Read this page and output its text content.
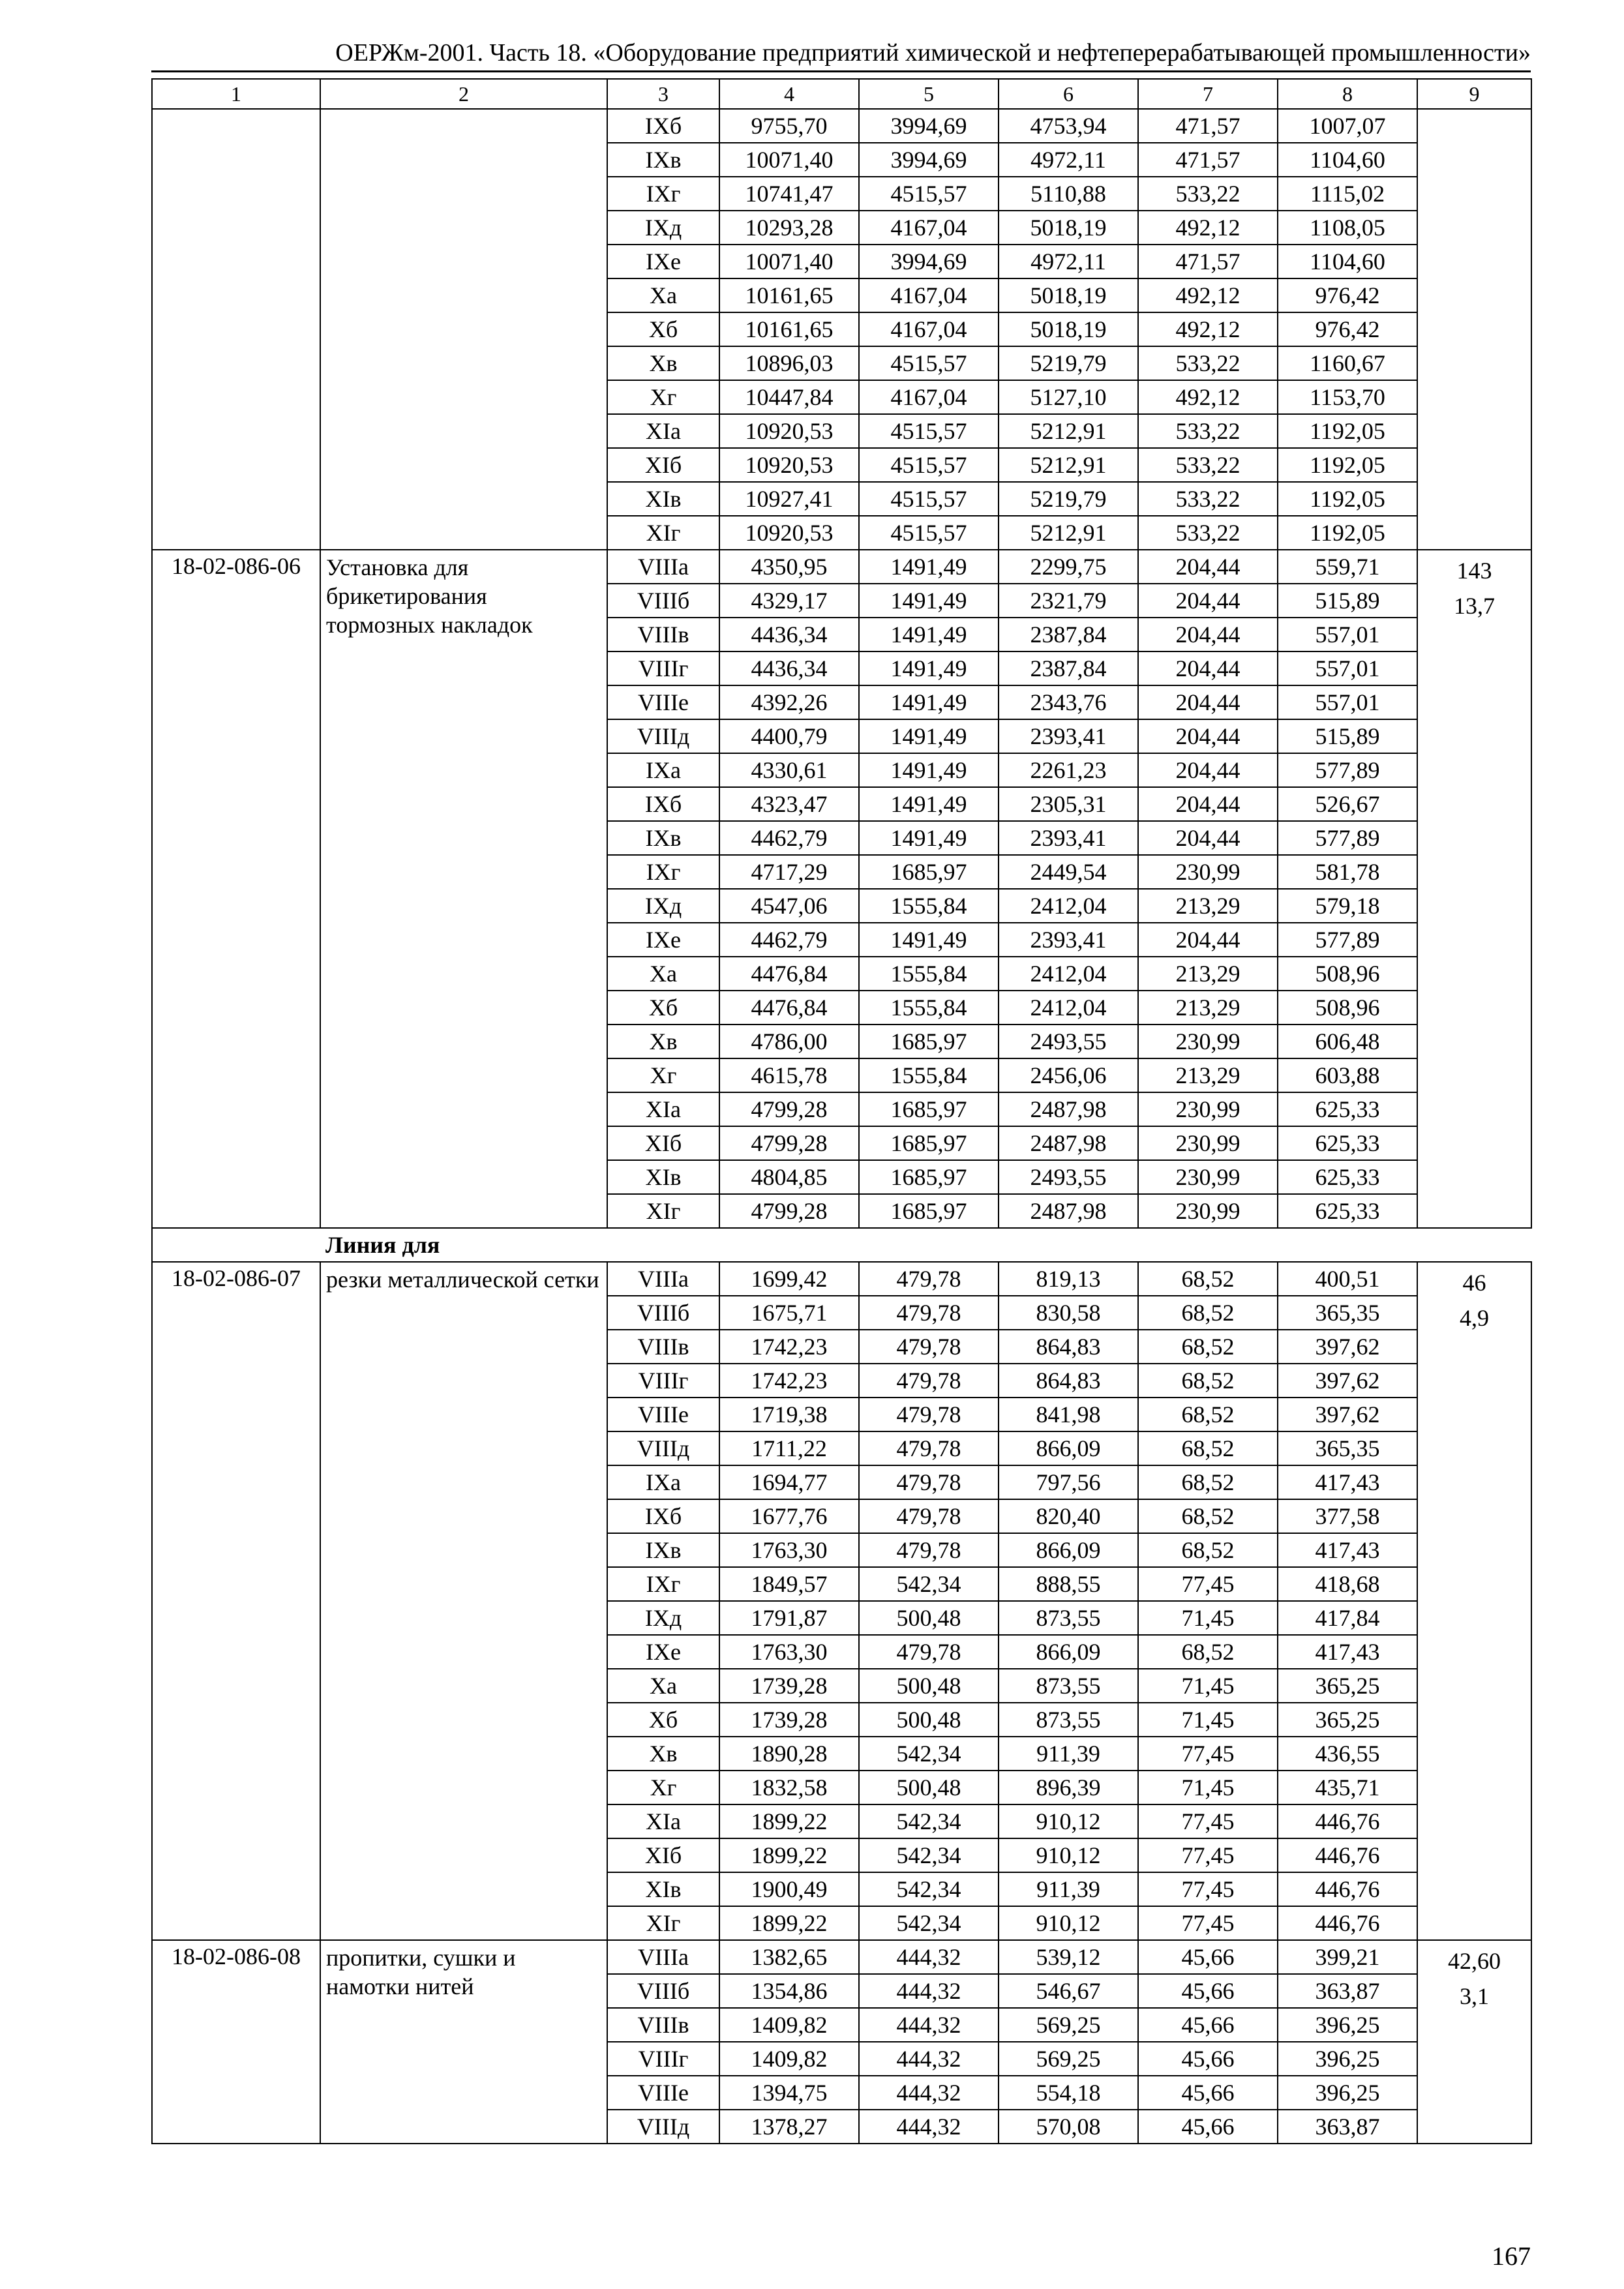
ОЕРЖм-2001. Часть 18. «Оборудование предприятий химической и нефтеперерабатывающей промышленности»
1	2	3	4	5	6	7	8	9
		IXб	9755,70	3994,69	4753,94	471,57	1007,07	
		IXв	10071,40	3994,69	4972,11	471,57	1104,60	
		IXг	10741,47	4515,57	5110,88	533,22	1115,02	
		IXд	10293,28	4167,04	5018,19	492,12	1108,05	
		IXе	10071,40	3994,69	4972,11	471,57	1104,60	
		Xа	10161,65	4167,04	5018,19	492,12	976,42	
		Xб	10161,65	4167,04	5018,19	492,12	976,42	
		Xв	10896,03	4515,57	5219,79	533,22	1160,67	
		Xг	10447,84	4167,04	5127,10	492,12	1153,70	
		XIа	10920,53	4515,57	5212,91	533,22	1192,05	
		XIб	10920,53	4515,57	5212,91	533,22	1192,05	
		XIв	10927,41	4515,57	5219,79	533,22	1192,05	
		XIг	10920,53	4515,57	5212,91	533,22	1192,05	
18-02-086-06	Установка для брикетирования тормозных накладок	VIIIа	4350,95	1491,49	2299,75	204,44	559,71	143
13,7

		VIIIб	4329,17	1491,49	2321,79	204,44	515,89	
		VIIIв	4436,34	1491,49	2387,84	204,44	557,01	
		VIIIг	4436,34	1491,49	2387,84	204,44	557,01	
		VIIIе	4392,26	1491,49	2343,76	204,44	557,01	
		VIIIд	4400,79	1491,49	2393,41	204,44	515,89	
		IXа	4330,61	1491,49	2261,23	204,44	577,89	
		IXб	4323,47	1491,49	2305,31	204,44	526,67	
		IXв	4462,79	1491,49	2393,41	204,44	577,89	
		IXг	4717,29	1685,97	2449,54	230,99	581,78	
		IXд	4547,06	1555,84	2412,04	213,29	579,18	
		IXе	4462,79	1491,49	2393,41	204,44	577,89	
		Xа	4476,84	1555,84	2412,04	213,29	508,96	
		Xб	4476,84	1555,84	2412,04	213,29	508,96	
		Xв	4786,00	1685,97	2493,55	230,99	606,48	
		Xг	4615,78	1555,84	2456,06	213,29	603,88	
		XIа	4799,28	1685,97	2487,98	230,99	625,33	
		XIб	4799,28	1685,97	2487,98	230,99	625,33	
		XIв	4804,85	1685,97	2493,55	230,99	625,33	
		XIг	4799,28	1685,97	2487,98	230,99	625,33	
	Линия для							
18-02-086-07	резки металлической сетки	VIIIа	1699,42	479,78	819,13	68,52	400,51	46
4,9

		VIIIб	1675,71	479,78	830,58	68,52	365,35	
		VIIIв	1742,23	479,78	864,83	68,52	397,62	
		VIIIг	1742,23	479,78	864,83	68,52	397,62	
		VIIIе	1719,38	479,78	841,98	68,52	397,62	
		VIIIд	1711,22	479,78	866,09	68,52	365,35	
		IXа	1694,77	479,78	797,56	68,52	417,43	
		IXб	1677,76	479,78	820,40	68,52	377,58	
		IXв	1763,30	479,78	866,09	68,52	417,43	
		IXг	1849,57	542,34	888,55	77,45	418,68	
		IXд	1791,87	500,48	873,55	71,45	417,84	
		IXе	1763,30	479,78	866,09	68,52	417,43	
		Xа	1739,28	500,48	873,55	71,45	365,25	
		Xб	1739,28	500,48	873,55	71,45	365,25	
		Xв	1890,28	542,34	911,39	77,45	436,55	
		Xг	1832,58	500,48	896,39	71,45	435,71	
		XIа	1899,22	542,34	910,12	77,45	446,76	
		XIб	1899,22	542,34	910,12	77,45	446,76	
		XIв	1900,49	542,34	911,39	77,45	446,76	
		XIг	1899,22	542,34	910,12	77,45	446,76	
18-02-086-08	пропитки, сушки и намотки нитей	VIIIа	1382,65	444,32	539,12	45,66	399,21	42,60
3,1

		VIIIб	1354,86	444,32	546,67	45,66	363,87	
		VIIIв	1409,82	444,32	569,25	45,66	396,25	
		VIIIг	1409,82	444,32	569,25	45,66	396,25	
		VIIIе	1394,75	444,32	554,18	45,66	396,25	
		VIIIд	1378,27	444,32	570,08	45,66	363,87	
167
